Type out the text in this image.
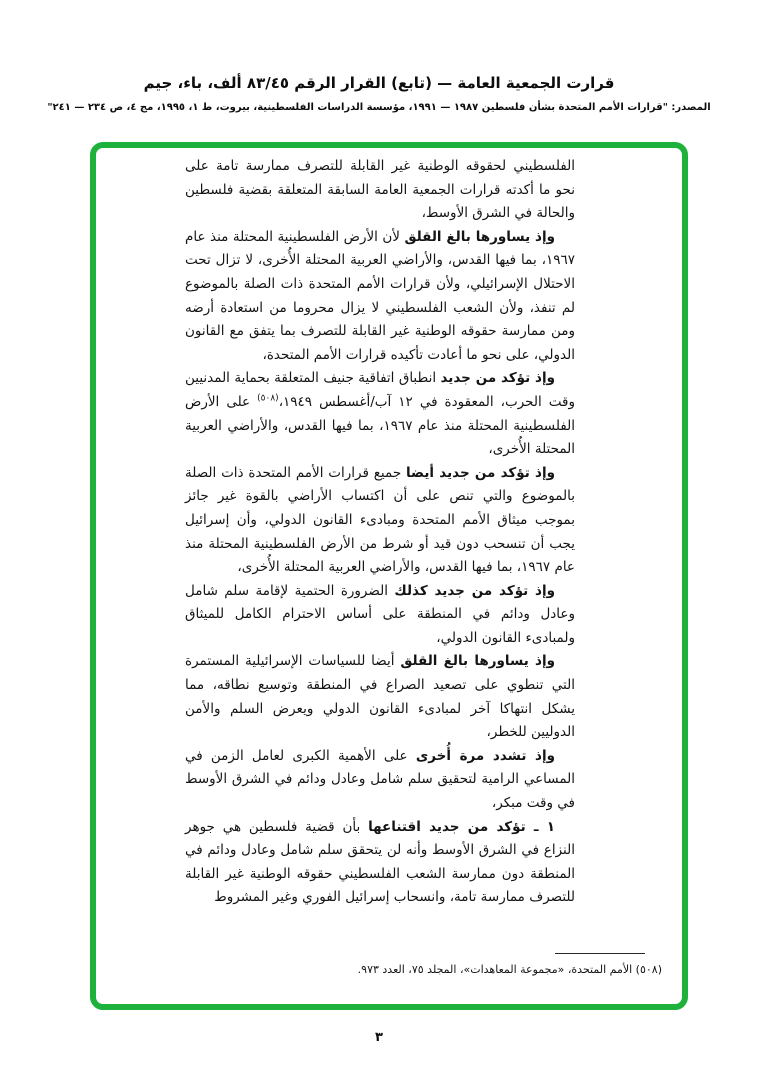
قرارت الجمعية العامة — (تابع) القرار الرقم ٨٣/٤٥ ألف، باء، جيم
المصدر: "قرارات الأمم المتحدة بشأن فلسطين ١٩٨٧ — ١٩٩١، مؤسسة الدراسات الفلسطينية، بيروت، ط ١، ١٩٩٥، مج ٤، ص ٢٣٤ — ٢٤١"

الفلسطيني لحقوقه الوطنية غير القابلة للتصرف ممارسة تامة على نحو ما أكدته قرارات الجمعية العامة السابقة المتعلقة بقضية فلسطين والحالة في الشرق الأوسط،

وإذ يساورها بالغ القلق لأن الأرض الفلسطينية المحتلة منذ عام ١٩٦٧، بما فيها القدس، والأراضي العربية المحتلة الأُخرى، لا تزال تحت الاحتلال الإسرائيلي، ولأن قرارات الأمم المتحدة ذات الصلة بالموضوع لم تنفذ، ولأن الشعب الفلسطيني لا يزال محروما من استعادة أرضه ومن ممارسة حقوقه الوطنية غير القابلة للتصرف بما يتفق مع القانون الدولي، على نحو ما أعادت تأكيده قرارات الأمم المتحدة،

وإذ تؤكد من جديد انطباق اتفاقية جنيف المتعلقة بحماية المدنيين وقت الحرب، المعقودة في ١٢ آب/أغسطس ١٩٤٩،$^{(٥٠٨)}$ على الأرض الفلسطينية المحتلة منذ عام ١٩٦٧، بما فيها القدس، والأراضي العربية المحتلة الأُخرى،

وإذ تؤكد من جديد أيضا جميع قرارات الأمم المتحدة ذات الصلة بالموضوع والتي تنص على أن اكتساب الأراضي بالقوة غير جائز بموجب ميثاق الأمم المتحدة ومبادىء القانون الدولي، وأن إسرائيل يجب أن تنسحب دون قيد أو شرط من الأرض الفلسطينية المحتلة منذ عام ١٩٦٧، بما فيها القدس، والأراضي العربية المحتلة الأُخرى،

وإذ تؤكد من جديد كذلك الضرورة الحتمية لإقامة سلم شامل وعادل ودائم في المنطقة على أساس الاحترام الكامل للميثاق ولمبادىء القانون الدولي،

وإذ يساورها بالغ القلق أيضا للسياسات الإسرائيلية المستمرة التي تنطوي على تصعيد الصراع في المنطقة وتوسيع نطاقه، مما يشكل انتهاكا آخر لمبادىء القانون الدولي ويعرض السلم والأمن الدوليين للخطر،

وإذ تشدد مرة أُخرى على الأهمية الكبرى لعامل الزمن في المساعي الرامية لتحقيق سلم شامل وعادل ودائم في الشرق الأوسط في وقت مبكر،

١ ـ تؤكد من جديد اقتناعها بأن قضية فلسطين هي جوهر النزاع في الشرق الأوسط وأنه لن يتحقق سلم شامل وعادل ودائم في المنطقة دون ممارسة الشعب الفلسطيني حقوقه الوطنية غير القابلة للتصرف ممارسة تامة، وانسحاب إسرائيل الفوري وغير المشروط

(٥٠٨) الأمم المتحدة، «مجموعة المعاهدات»، المجلد ٧٥، العدد ٩٧٣.
٣
